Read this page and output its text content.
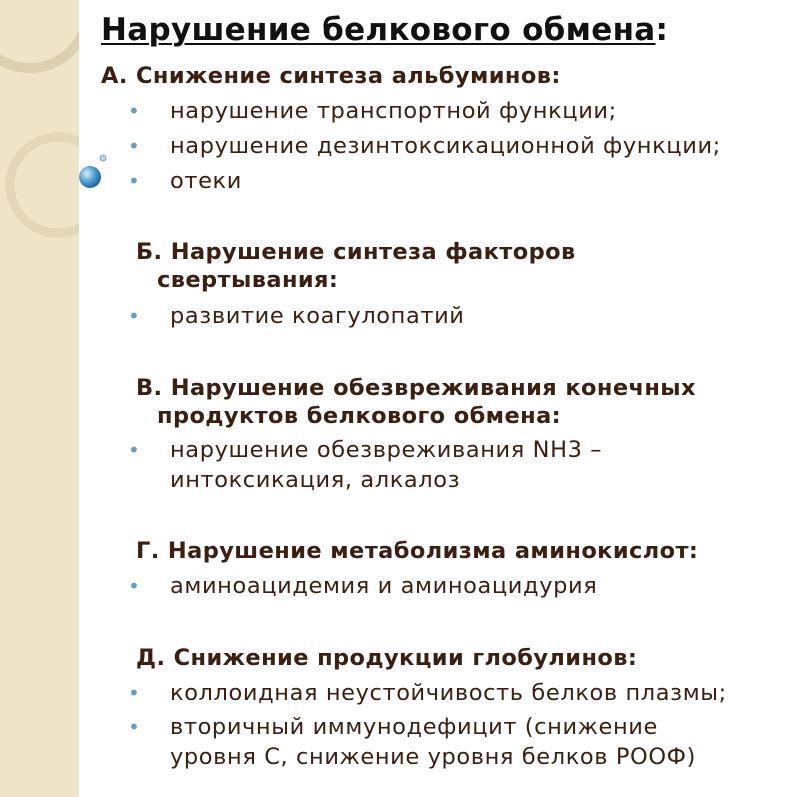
Нарушение белкового обмена:
А. Снижение синтеза альбуминов:
•	нарушение транспортной функции;
•	нарушение дезинтоксикационной функции;
•	отеки
Б. Нарушение синтеза факторов
свертывания:
•	развитие коагулопатий
В. Нарушение обезвреживания конечных
продуктов белкового обмена:
•	нарушение обезвреживания NH3 –
интоксикация, алкалоз
Г. Нарушение метаболизма аминокислот:
•	аминоацидемия и аминоацидурия
Д. Снижение продукции глобулинов:
•	коллоидная неустойчивость белков плазмы;
•	вторичный иммунодефицит (снижение
уровня С, снижение уровня белков РООФ)
